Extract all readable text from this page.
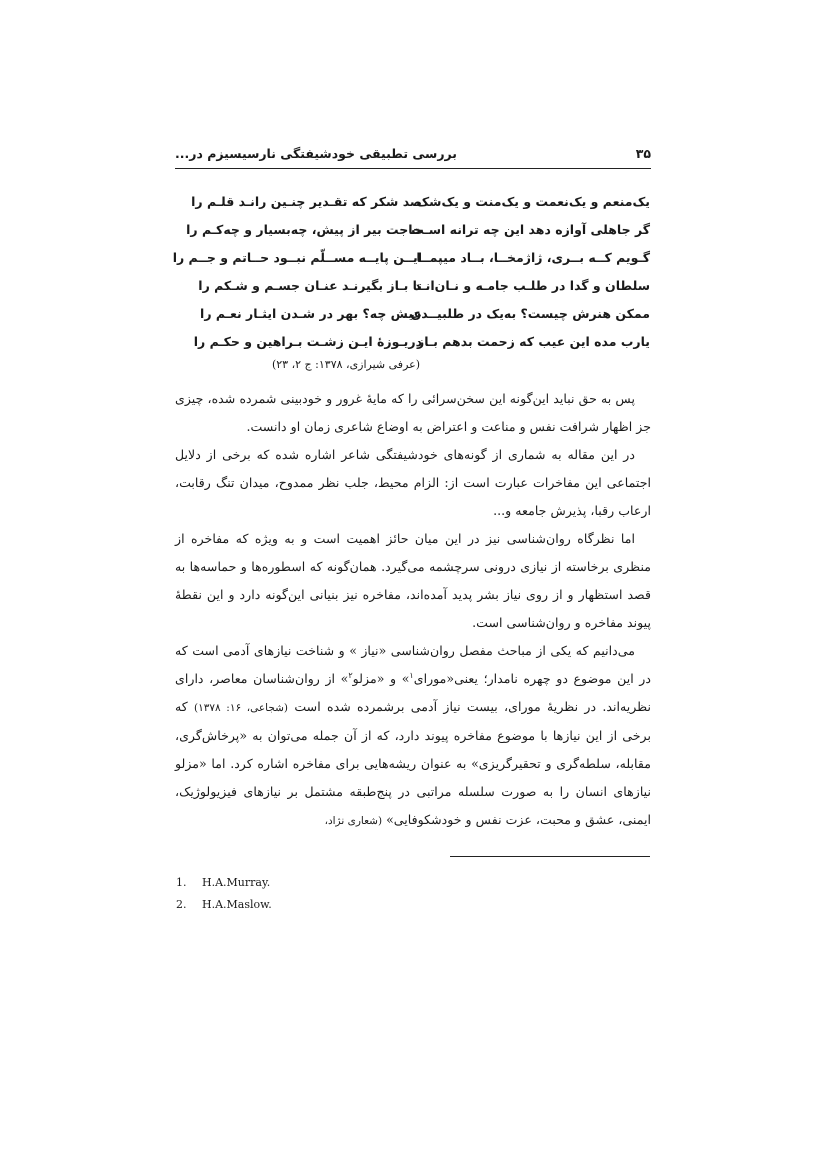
۳۵
بررسی تطبیقی خودشیفتگی نارسیسیزم در...
یک‌منعم و یک‌نعمت و یک‌منت و یک‌شک
صد شکر که تقـدیر چنـین رانـد قلـم را
گر جاهلی آوازه دهد این چه ترانه اسـت
حاجت بیر از پیش، چه‌بسیار و چه‌کـم را
گـویم کــه بــری، ژاژمخــا، بــاد میپمــا
ایــن پایــه مســلّم نبــود حــاتم و جــم را
سلطان و گدا در طلـب جامـه و نـان‌انـد
تا بـاز بگیرنـد عنـان جسـم و شـکم را
ممکن هنرش چیست؟ به‌یک در طلبیــدن
عیش چه؟ بهر در شـدن ایثـار نعـم را
یارب مده این عیب که زحمت بدهم بـاز
دریـوزۀ ایـن زشـت بـراهین و حکـم را
(عرفی شیرازی، ۱۳۷۸: ج ۲، ۲۳)

پس به حق نباید این‌گونه این سخن‌سرائی را که مایۀ غرور و خودبینی شمرده شده، چیزی جز اظهار شرافت نفس و مناعت و اعتراض به اوضاع شاعری زمان او دانست.

در این مقاله به شماری از گونه‌های خودشیفتگی شاعر اشاره شده که برخی از دلایل اجتماعی این مفاخرات عبارت است از: الزام محیط، جلب نظر ممدوح، میدان تنگ رقابت، ارعاب رقبا، پذیرش جامعه و...

اما نظرگاه روان‌شناسی نیز در این میان حائز اهمیت است و به ویژه که مفاخره از منظری برخاسته از نیازی درونی سرچشمه می‌گیرد. همان‌گونه که اسطوره‌ها و حماسه‌ها به قصد استظهار و از روی نیاز بشر پدید آمده‌اند، مفاخره نیز بنیانی این‌گونه دارد و این نقطۀ پیوند مفاخره و روان‌شناسی است.

می‌دانیم که یکی از مباحث مفصل روان‌شناسی «نیاز » و شناخت نیازهای آدمی است که در این موضوع دو چهره نامدار؛ یعنی«مورای$^۱$» و «مزلو$^۲$» از روان‌شناسان معاصر، دارای نظریه‌اند. در نظریۀ مورای، بیست نیاز آدمی برشمرده شده است (شجاعی، ۱۶: ۱۳۷۸) که برخی از این نیازها با موضوع مفاخره پیوند دارد، که از آن جمله می‌توان به «پرخاش‌گری، مقابله، سلطه‌گری و تحقیرگریزی» به عنوان ریشه‌هایی برای مفاخره اشاره کرد. اما «مزلو نیازهای انسان را به صورت سلسله مراتبی در پنج‌طبقه مشتمل بر نیازهای فیزیولوژیک، ایمنی، عشق و محبت، عزت نفس و خودشکوفایی» (شعاری نژاد،

1.	H.A.Murray.
2.	H.A.Maslow.
